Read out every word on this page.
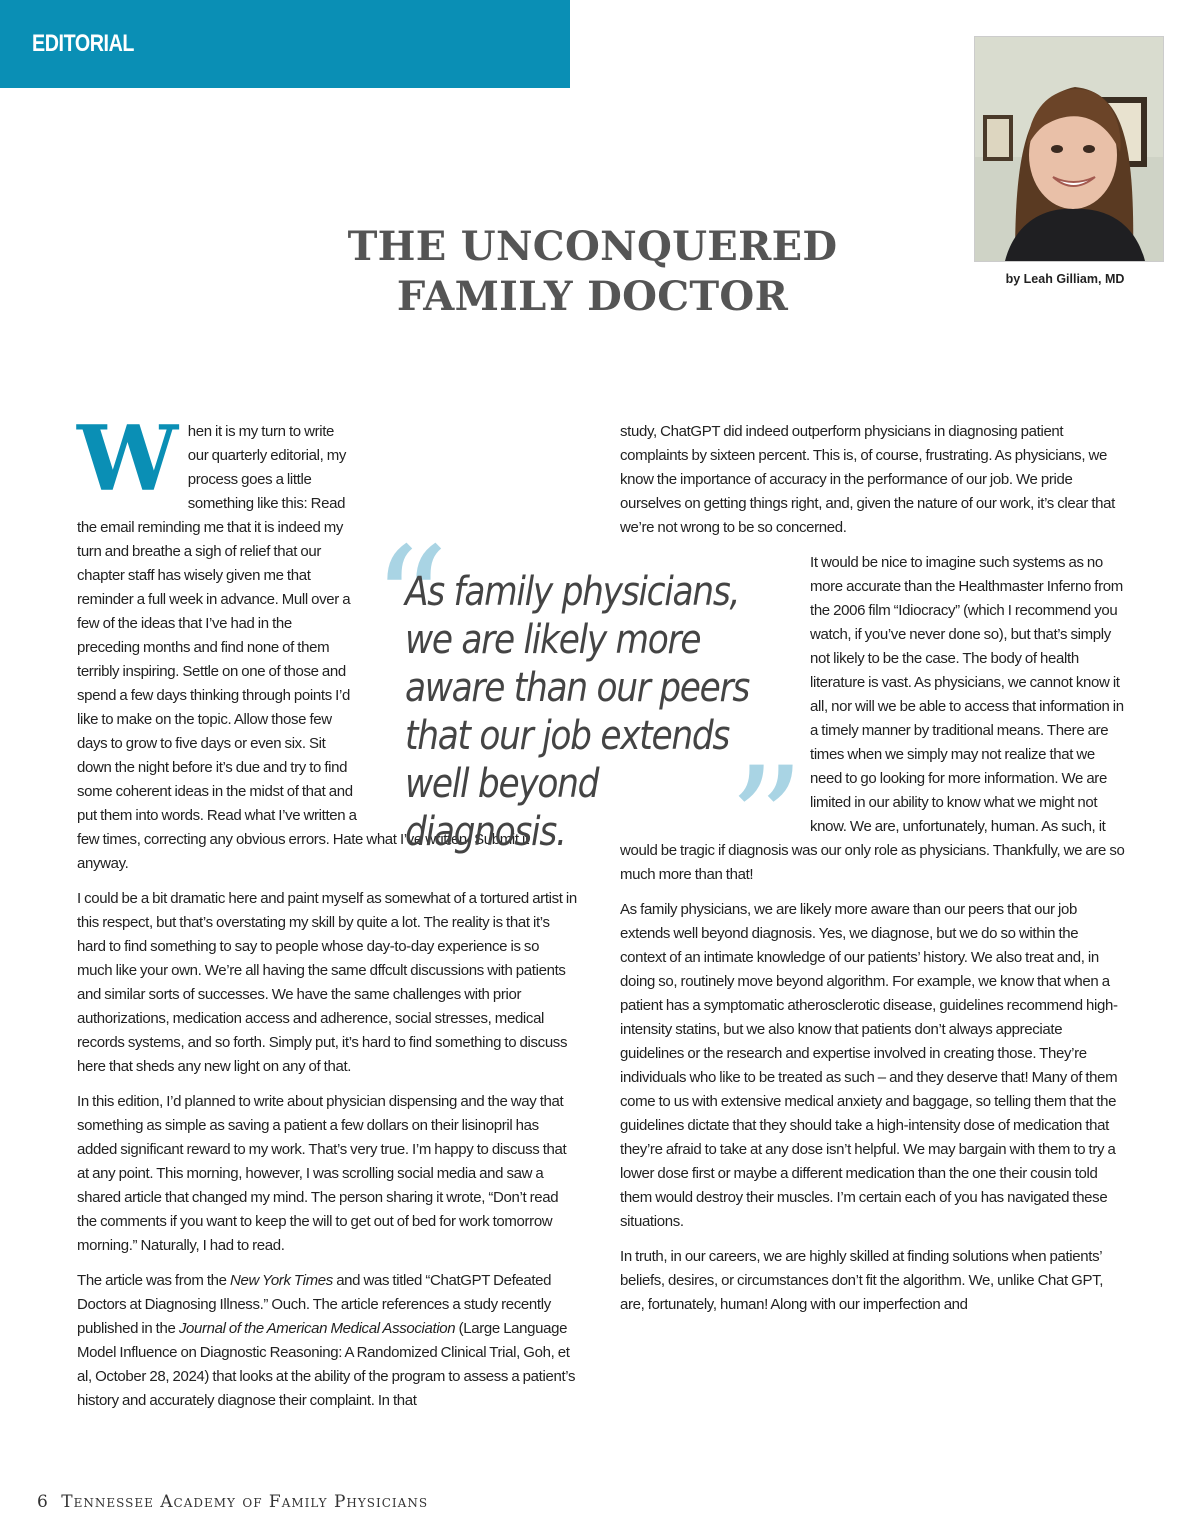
EDITORIAL
by Leah Gilliam, MD
THE UNCONQUERED
FAMILY DOCTOR

When it is my turn to write our quarterly editorial, my process goes a little something like this: Read the email reminding me that it is indeed my turn and breathe a sigh of relief that our chapter staff has wisely given me that reminder a full week in advance. Mull over a few of the ideas that I’ve had in the preceding months and find none of them terribly inspiring. Settle on one of those and spend a few days thinking through points I’d like to make on the topic. Allow those few days to grow to five days or even six. Sit down the night before it’s due and try to find some coherent ideas in the midst of that and put them into words. Read what I’ve written a few times, correcting any obvious errors. Hate what I’ve written. Submit it anyway.

I could be a bit dramatic here and paint myself as somewhat of a tortured artist in this respect, but that’s overstating my skill by quite a lot. The reality is that it’s hard to find something to say to people whose day-to-day experience is so much like your own. We’re all having the same dffcult discussions with patients and similar sorts of successes. We have the same challenges with prior authorizations, medication access and adherence, social stresses, medical records systems, and so forth. Simply put, it’s hard to find something to discuss here that sheds any new light on any of that.

In this edition, I’d planned to write about physician dispensing and the way that something as simple as saving a patient a few dollars on their lisinopril has added significant reward to my work. That’s very true. I’m happy to discuss that at any point. This morning, however, I was scrolling social media and saw a shared article that changed my mind. The person sharing it wrote, “Don’t read the comments if you want to keep the will to get out of bed for work tomorrow morning.” Naturally, I had to read.

The article was from the New York Times and was titled “ChatGPT Defeated Doctors at Diagnosing Illness.” Ouch. The article references a study recently published in the Journal of the American Medical Association (Large Language Model Influence on Diagnostic Reasoning: A Randomized Clinical Trial, Goh, et al, October 28, 2024) that looks at the ability of the program to assess a patient’s history and accurately diagnose their complaint. In that

study, ChatGPT did indeed outperform physicians in diagnosing patient complaints by sixteen percent. This is, of course, frustrating. As physicians, we know the importance of accuracy in the performance of our job. We pride ourselves on getting things right, and, given the nature of our work, it’s clear that we’re not wrong to be so concerned.

It would be nice to imagine such systems as no more accurate than the Healthmaster Inferno from the 2006 film “Idiocracy” (which I recommend you watch, if you’ve never done so), but that’s simply not likely to be the case. The body of health literature is vast. As physicians, we cannot know it all, nor will we be able to access that information in a timely manner by traditional means. There are times when we simply may not realize that we need to go looking for more information. We are limited in our ability to know what we might not know. We are, unfortunately, human. As such, it would be tragic if diagnosis was our only role as physicians. Thankfully, we are so much more than that!

As family physicians, we are likely more aware than our peers that our job extends well beyond diagnosis. Yes, we diagnose, but we do so within the context of an intimate knowledge of our patients’ history. We also treat and, in doing so, routinely move beyond algorithm. For example, we know that when a patient has a symptomatic atherosclerotic disease, guidelines recommend high-intensity statins, but we also know that patients don’t always appreciate guidelines or the research and expertise involved in creating those. They’re individuals who like to be treated as such – and they deserve that! Many of them come to us with extensive medical anxiety and baggage, so telling them that the guidelines dictate that they should take a high-intensity dose of medication that they’re afraid to take at any dose isn’t helpful. We may bargain with them to try a lower dose first or maybe a different medication than the one their cousin told them would destroy their muscles. I’m certain each of you has navigated these situations.

In truth, in our careers, we are highly skilled at finding solutions when patients’ beliefs, desires, or circumstances don’t fit the algorithm. We, unlike Chat GPT, are, fortunately, human! Along with our imperfection and

“
”
As family physicians, we are likely more aware than our peers that our job extends well beyond diagnosis.
6 Tennessee Academy of Family Physicians
